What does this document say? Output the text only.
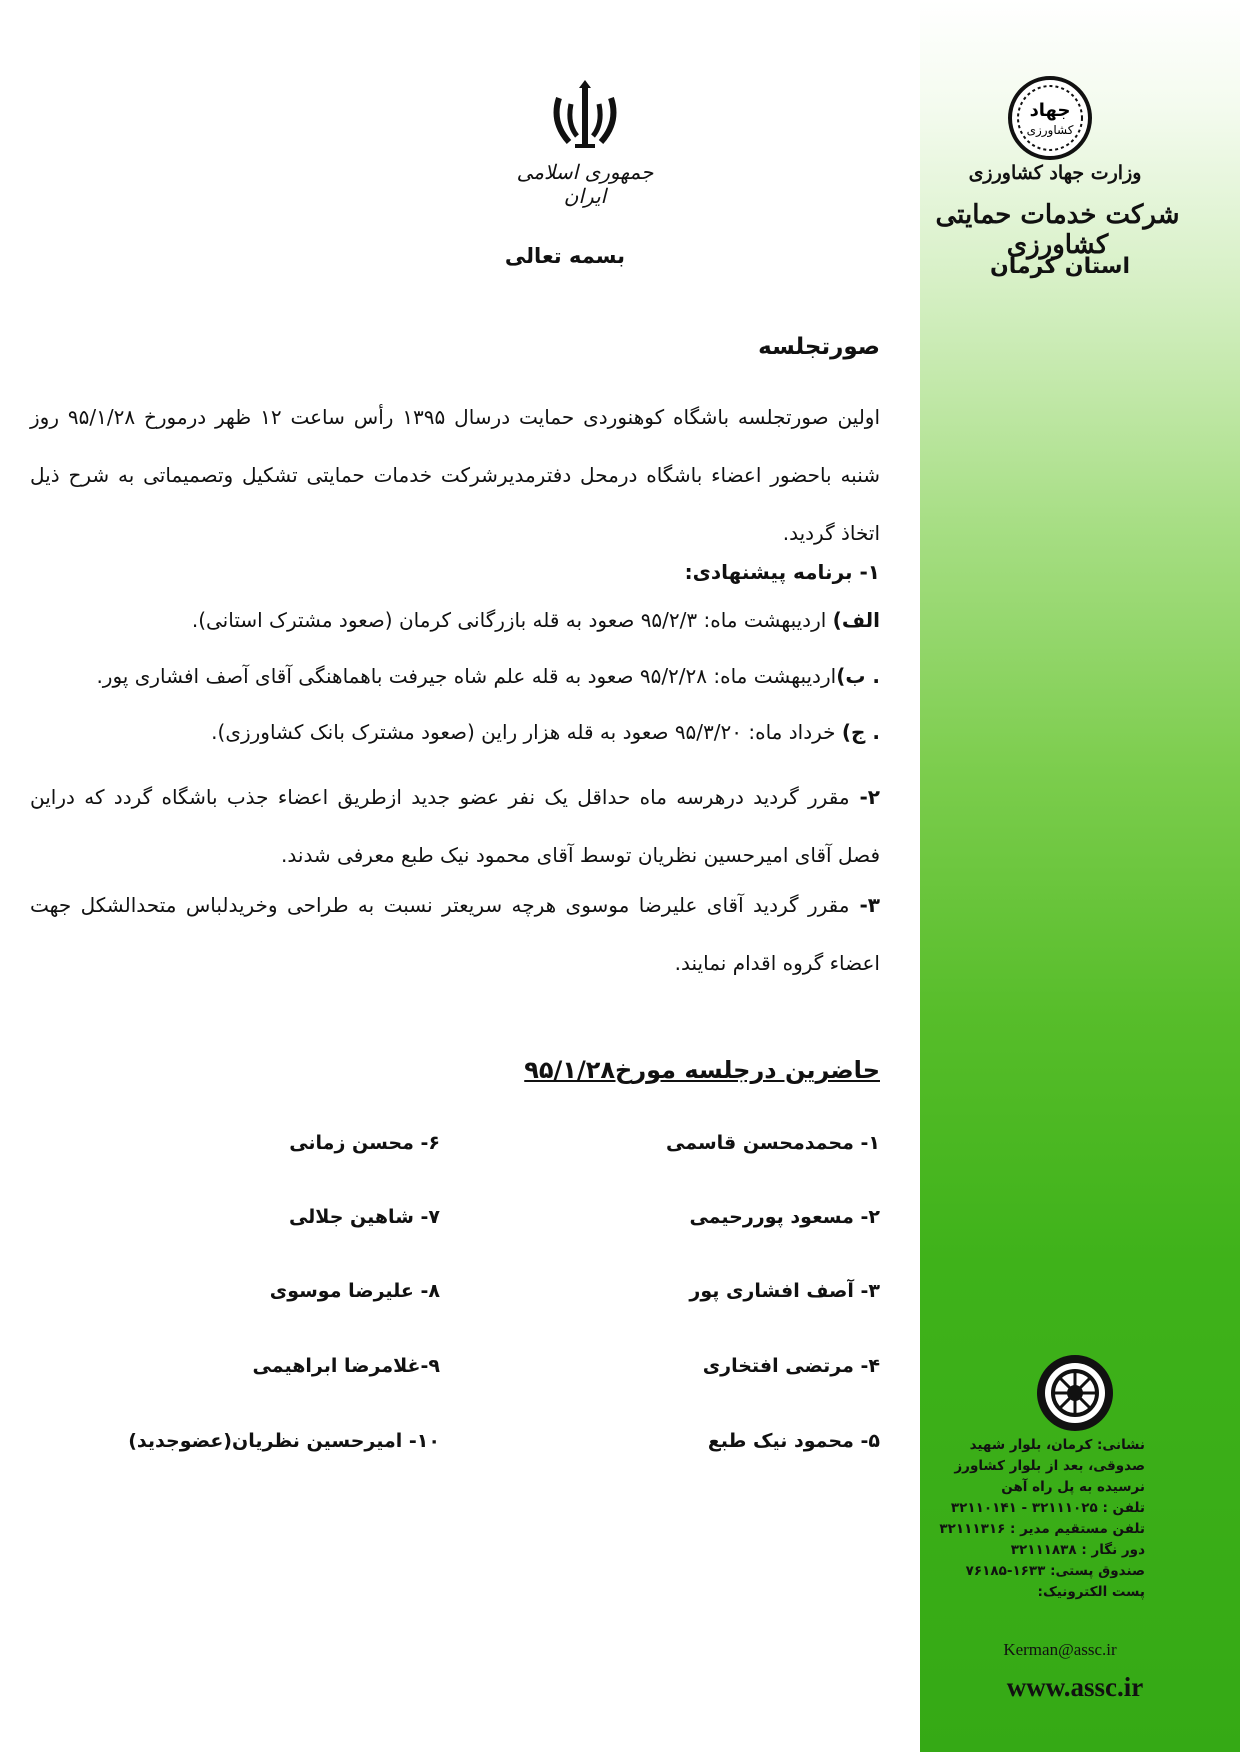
جهاد
کشاورزی
وزارت جهاد کشاورزی
شرکت خدمات حمایتی کشاورزی
استان کرمان
جمهوری اسلامی ایران
بسمه تعالی
صورتجلسه
اولین صورتجلسه باشگاه کوهنوردی حمایت درسال ۱۳۹۵ رأس ساعت ۱۲ ظهر درمورخ ۹۵/۱/۲۸ روز شنبه باحضور اعضاء باشگاه درمحل دفترمدیرشرکت خدمات حمایتی تشکیل وتصمیماتی به شرح ذیل اتخاذ گردید.
۱- برنامه پیشنهادی:
الف) اردیبهشت ماه: ۹۵/۲/۳ صعود به قله بازرگانی کرمان (صعود مشترک استانی).
. ب)اردیبهشت ماه: ۹۵/۲/۲۸ صعود به قله علم شاه جیرفت باهماهنگی آقای آصف افشاری پور.
. ج) خرداد ماه: ۹۵/۳/۲۰ صعود به قله هزار راین (صعود مشترک بانک کشاورزی).
۲- مقرر گردید درهرسه ماه حداقل یک نفر عضو جدید ازطریق اعضاء جذب باشگاه گردد که دراین فصل آقای امیرحسین نظریان توسط آقای محمود نیک طبع معرفی شدند.
۳- مقرر گردید آقای علیرضا موسوی هرچه سریعتر نسبت به طراحی وخریدلباس متحدالشکل جهت اعضاء گروه اقدام نمایند.
حاضرین درجلسه مورخ۹۵/۱/۲۸
۱- محمدمحسن قاسمی
۲- مسعود پوررحیمی
۳- آصف افشاری پور
۴- مرتضی افتخاری
۵- محمود نیک طبع
۶- محسن زمانی
۷- شاهین جلالی
۸- علیرضا موسوی
۹-غلامرضا ابراهیمی
۱۰- امیرحسین نظریان(عضوجدید)	نشانی: کرمان، بلوار شهید
صدوقی، بعد از بلوار کشاورز
نرسیده به پل راه آهن
تلفن : ۳۲۱۱۱۰۲۵ - ۳۲۱۱۰۱۴۱
تلفن مستقیم مدیر : ۳۲۱۱۱۳۱۶
دور نگار : ۳۲۱۱۱۸۳۸
صندوق پستی: ۱۶۳۳-۷۶۱۸۵
پست الکترونیک:
Kerman@assc.ir
www.assc.ir
